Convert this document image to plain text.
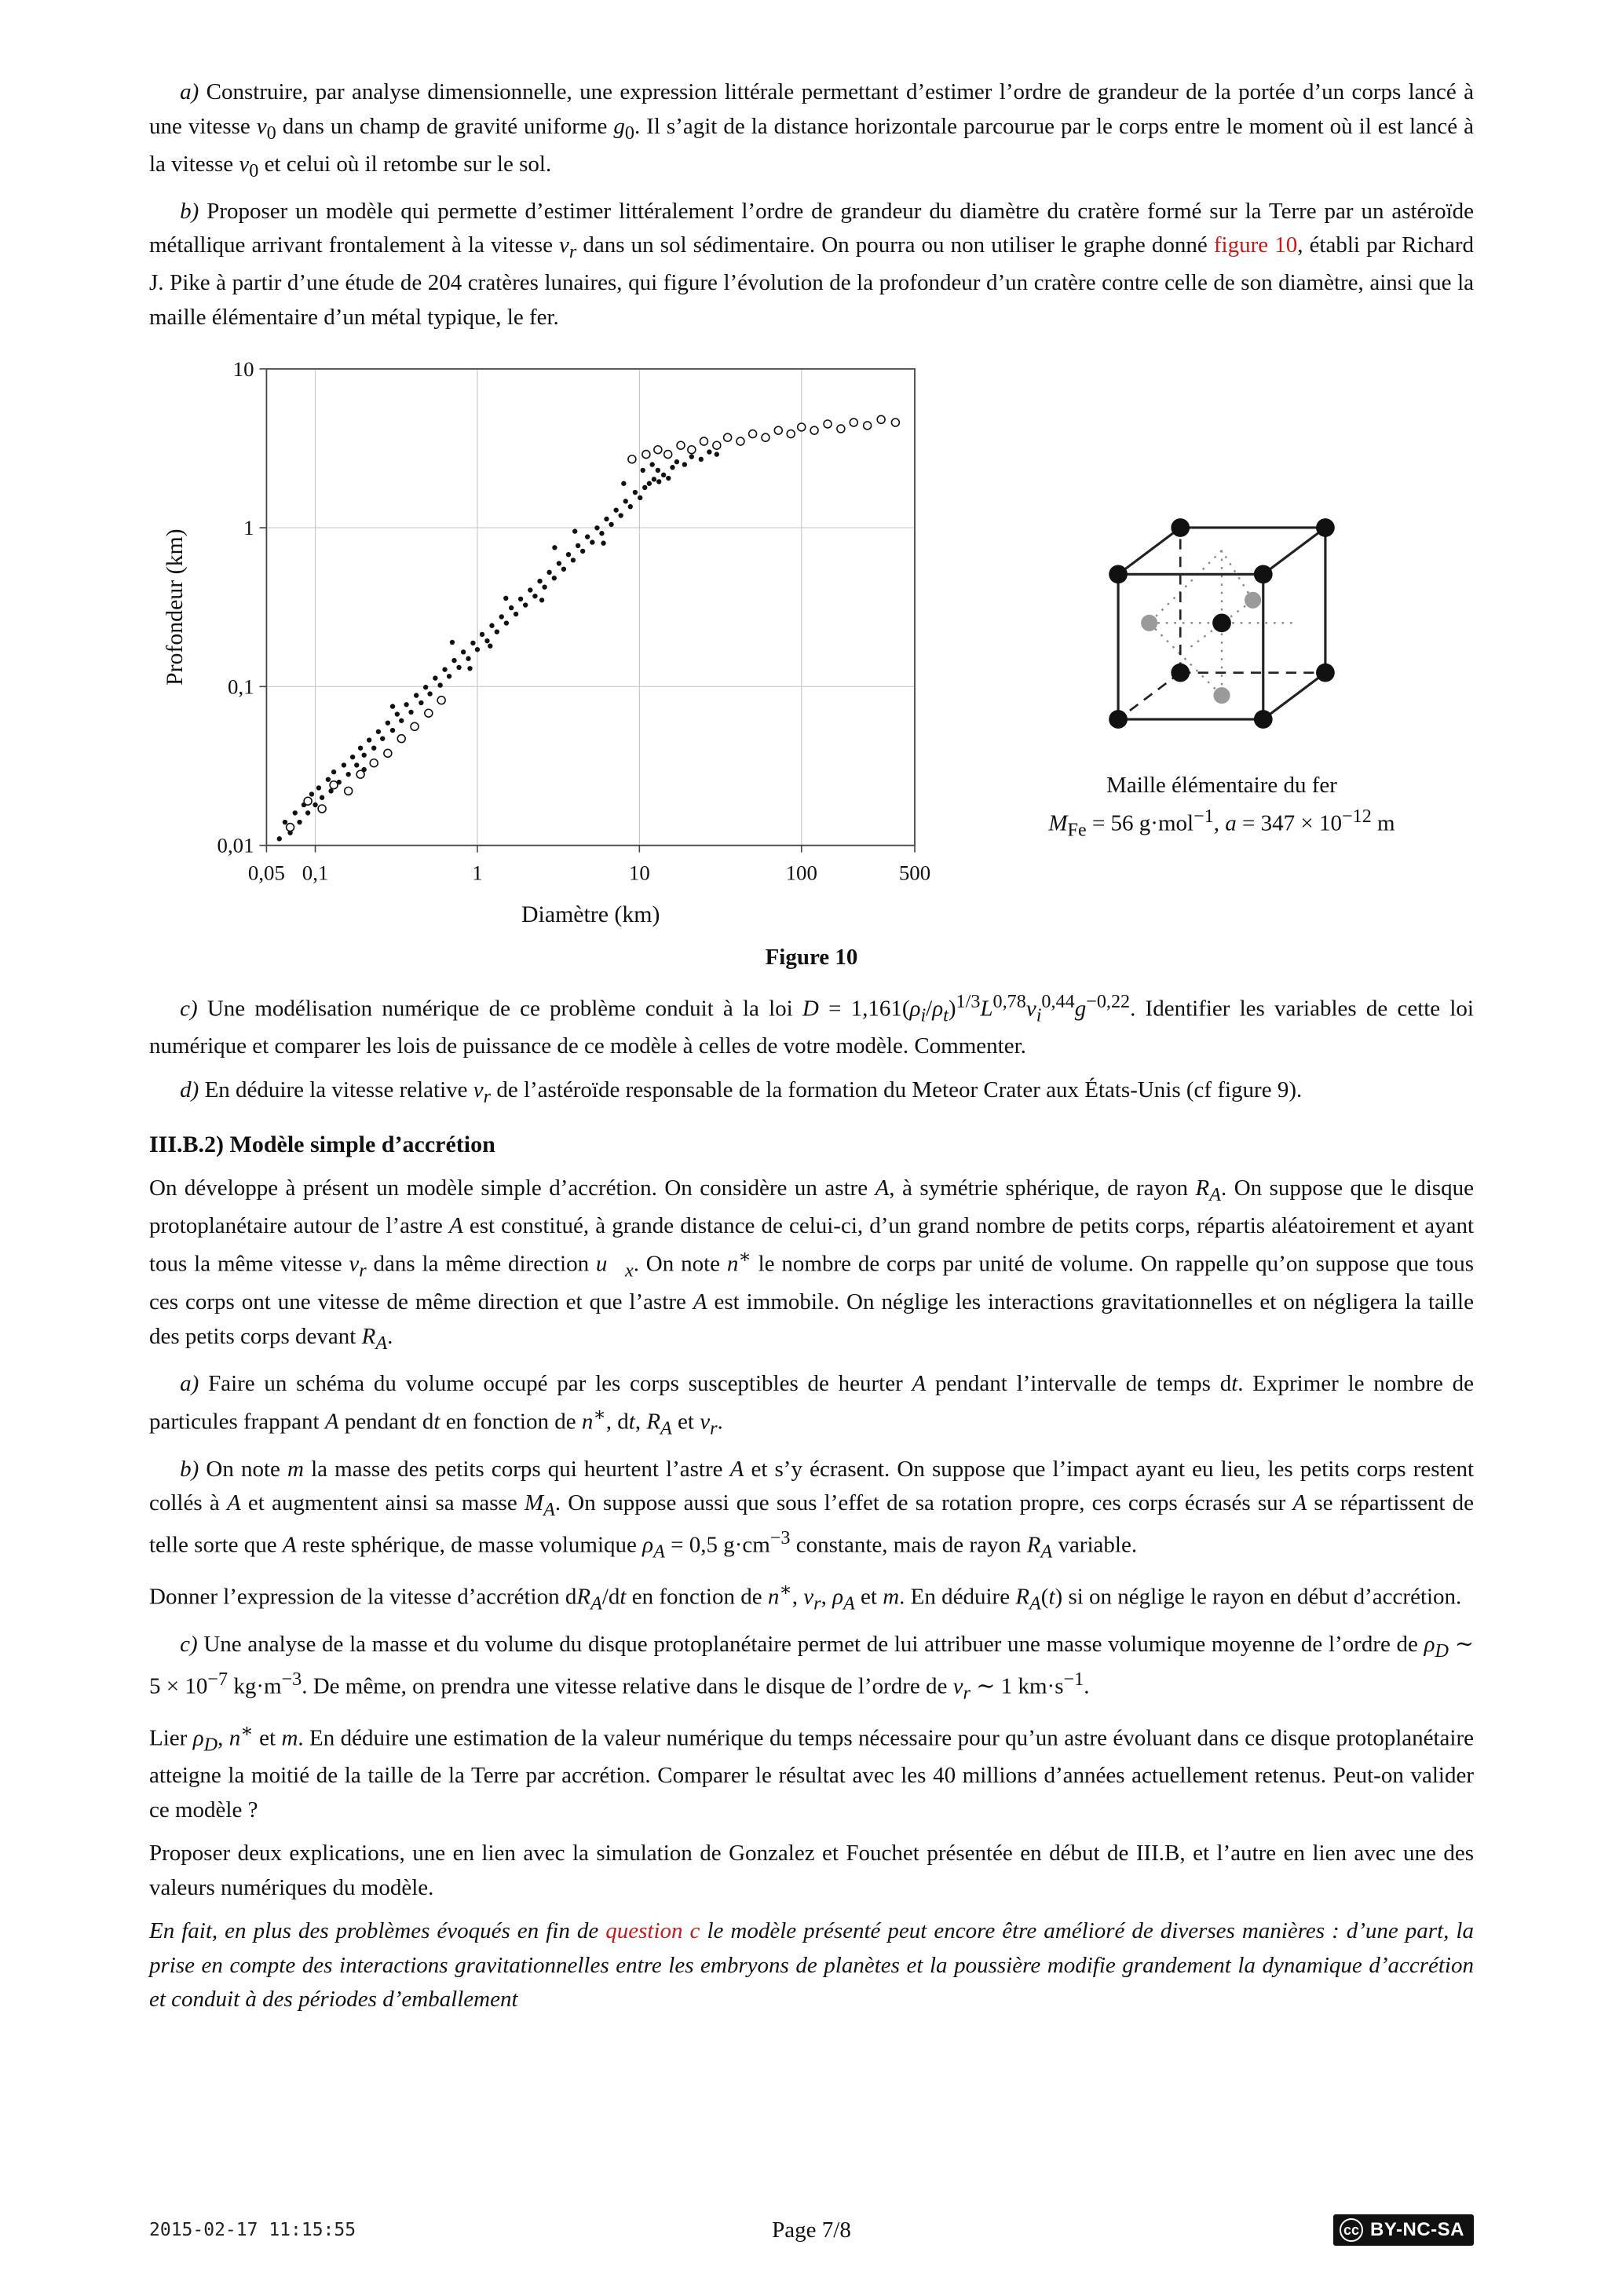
a) Construire, par analyse dimensionnelle, une expression littérale permettant d’estimer l’ordre de grandeur de la portée d’un corps lancé à une vitesse $v_0$ dans un champ de gravité uniforme $g_0$. Il s’agit de la distance horizontale parcourue par le corps entre le moment où il est lancé à la vitesse $v_0$ et celui où il retombe sur le sol.

b) Proposer un modèle qui permette d’estimer littéralement l’ordre de grandeur du diamètre du cratère formé sur la Terre par un astéroïde métallique arrivant frontalement à la vitesse $v_r$ dans un sol sédimentaire. On pourra ou non utiliser le graphe donné figure 10, établi par Richard J. Pike à partir d’une étude de 204 cratères lunaires, qui figure l’évolution de la profondeur d’un cratère contre celle de son diamètre, ainsi que la maille élémentaire d’un métal typique, le fer.

0,05 0,1	1	10	100	500
0,01
0,1
1
10
Diamètre (km)
Profondeur (km)
Maille élémentaire du fer
$M_{Fe} = 56$ g·mol$^{-1}$, $a = 347 \times 10^{-12}$ m

Figure 10

c) Une modélisation numérique de ce problème conduit à la loi $D = 1,161(\rho_i/\rho_t)^{1/3}L^{0,78}v_i^{0,44}g^{-0,22}$. Identifier les variables de cette loi numérique et comparer les lois de puissance de ce modèle à celles de votre modèle. Commenter.

d) En déduire la vitesse relative $v_r$ de l’astéroïde responsable de la formation du Meteor Crater aux États-Unis (cf figure 9).

III.B.2) Modèle simple d’accrétion

On développe à présent un modèle simple d’accrétion. On considère un astre A, à symétrie sphérique, de rayon $R_A$. On suppose que le disque protoplanétaire autour de l’astre A est constitué, à grande distance de celui-ci, d’un grand nombre de petits corps, répartis aléatoirement et ayant tous la même vitesse $v_r$ dans la même direction $u⃗_x$. On note n∗ le nombre de corps par unité de volume. On rappelle qu’on suppose que tous ces corps ont une vitesse de même direction et que l’astre A est immobile. On néglige les interactions gravitationnelles et on négligera la taille des petits corps devant $R_A$.

a) Faire un schéma du volume occupé par les corps susceptibles de heurter A pendant l’intervalle de temps dt. Exprimer le nombre de particules frappant A pendant dt en fonction de n∗, dt, $R_A$ et $v_r$.

b) On note m la masse des petits corps qui heurtent l’astre A et s’y écrasent. On suppose que l’impact ayant eu lieu, les petits corps restent collés à A et augmentent ainsi sa masse $M_A$. On suppose aussi que sous l’effet de sa rotation propre, ces corps écrasés sur A se répartissent de telle sorte que A reste sphérique, de masse volumique $\rho_A = 0,5$ $g\cdot cm^{-3}$ constante, mais de rayon $R_A$ variable.

Donner l’expression de la vitesse d’accrétion $dR_A/dt$ en fonction de n∗, $v_r$, $\rho_A$ et m. En déduire $R_A(t)$ si on néglige le rayon en début d’accrétion.

c) Une analyse de la masse et du volume du disque protoplanétaire permet de lui attribuer une masse volumique moyenne de l’ordre de $\rho_D$ ∼ $5 \times 10^{-7}$ $kg\cdot m^{-3}$. De même, on prendra une vitesse relative dans le disque de l’ordre de $v_r$ ∼ 1 $km\cdot s^{-1}$.

Lier $\rho_D$, n∗ et m. En déduire une estimation de la valeur numérique du temps nécessaire pour qu’un astre évoluant dans ce disque protoplanétaire atteigne la moitié de la taille de la Terre par accrétion. Comparer le résultat avec les 40 millions d’années actuellement retenus. Peut-on valider ce modèle ?

Proposer deux explications, une en lien avec la simulation de Gonzalez et Fouchet présentée en début de III.B, et l’autre en lien avec une des valeurs numériques du modèle.

En fait, en plus des problèmes évoqués en fin de question c le modèle présenté peut encore être amélioré de diverses manières : d’une part, la prise en compte des interactions gravitationnelles entre les embryons de planètes et la poussière modifie grandement la dynamique d’accrétion et conduit à des périodes d’emballement

2015-02-17 11:15:55	Page 7/8	cc BY-NC-SA
